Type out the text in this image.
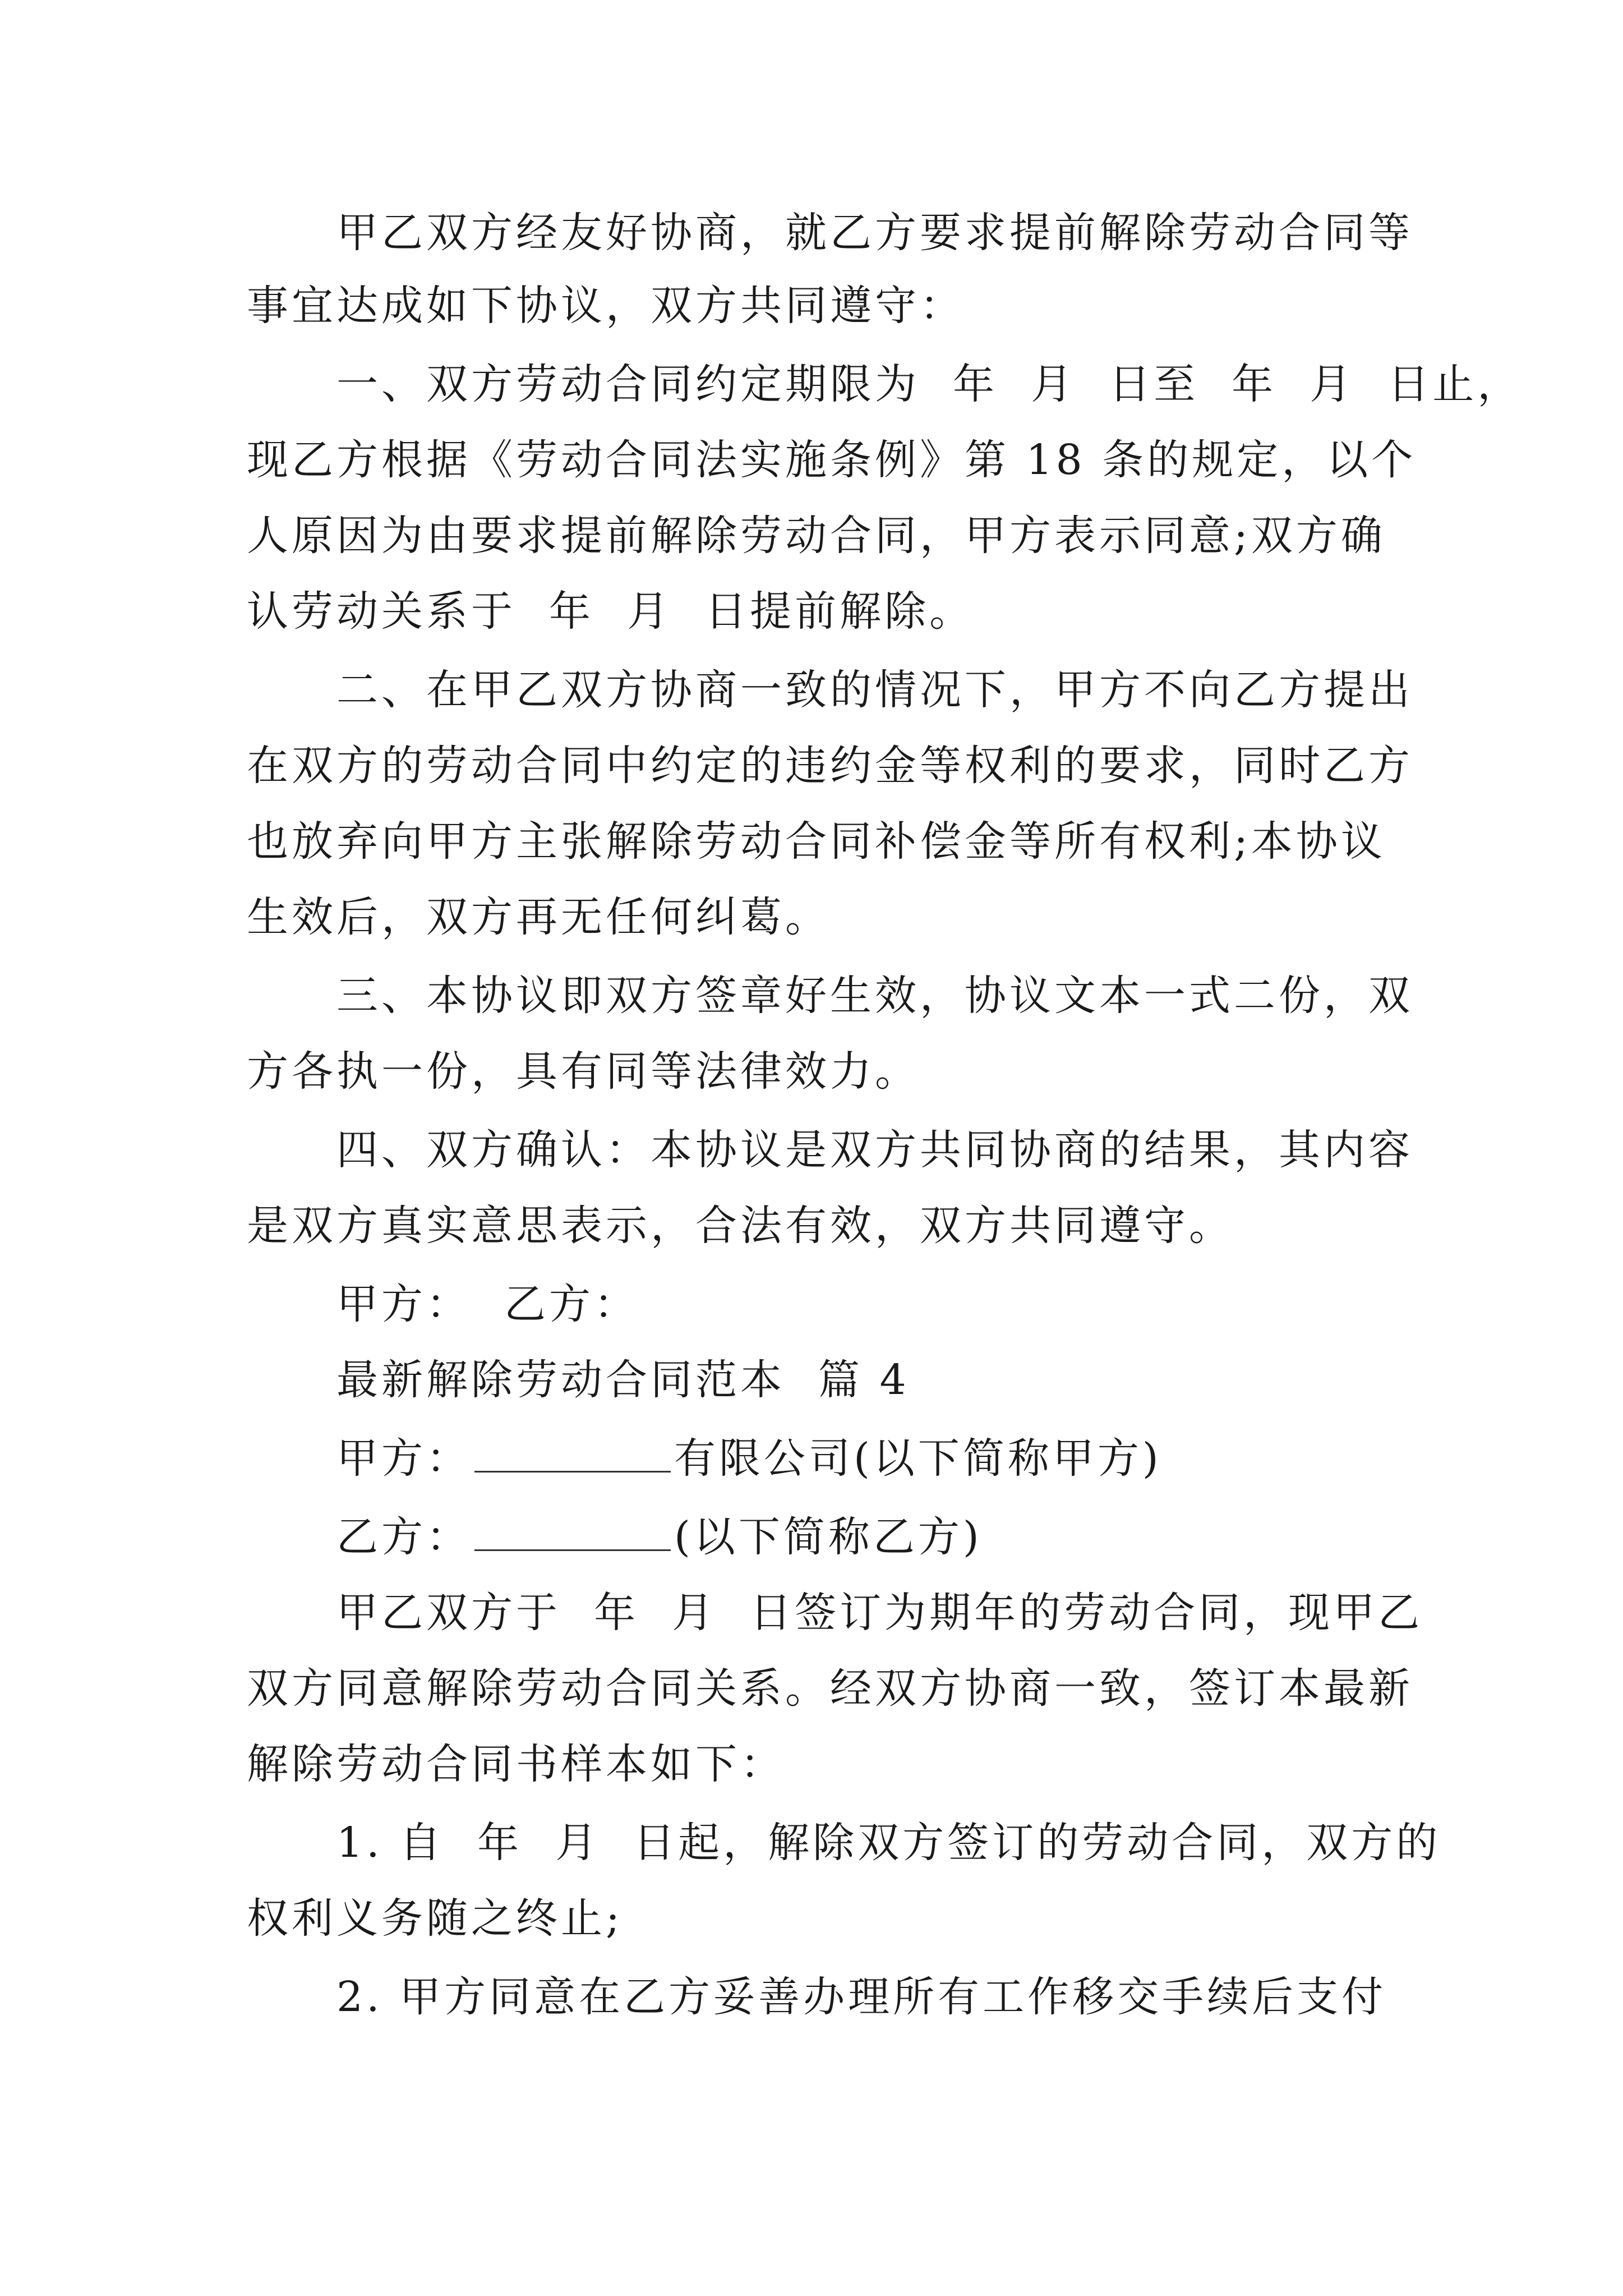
甲乙双方经友好协商，就乙方要求提前解除劳动合同等

事宜达成如下协议，双方共同遵守：

一、双方劳动合同约定期限为  年  月  日至  年  月  日止，

现乙方根据《劳动合同法实施条例》第 18 条的规定，以个

人原因为由要求提前解除劳动合同，甲方表示同意;双方确

认劳动关系于  年  月  日提前解除。

二、在甲乙双方协商一致的情况下，甲方不向乙方提出

在双方的劳动合同中约定的违约金等权利的要求，同时乙方

也放弃向甲方主张解除劳动合同补偿金等所有权利;本协议

生效后，双方再无任何纠葛。

三、本协议即双方签章好生效，协议文本一式二份，双

方各执一份，具有同等法律效力。

四、双方确认：本协议是双方共同协商的结果，其内容

是双方真实意思表示，合法有效，双方共同遵守。

甲方：  乙方：

最新解除劳动合同范本  篇 4

甲方：	有限公司(以下简称甲方)

乙方：	(以下简称乙方)

甲乙双方于  年  月  日签订为期年的劳动合同，现甲乙

双方同意解除劳动合同关系。经双方协商一致，签订本最新

解除劳动合同书样本如下：

1. 自  年  月  日起，解除双方签订的劳动合同，双方的

权利义务随之终止;

2. 甲方同意在乙方妥善办理所有工作移交手续后支付
